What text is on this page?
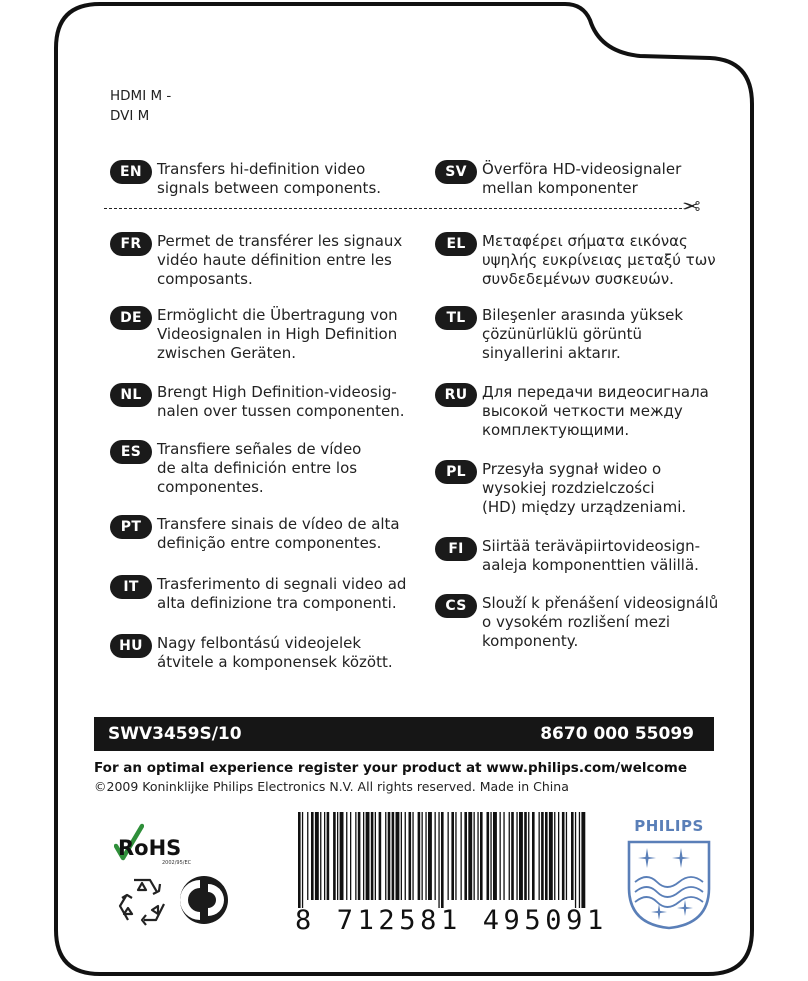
HDMI M -
DVI M
EN	Transfers hi-definition video
signals between components.
✂
FR	Permet de transférer les signaux
vidéo haute définition entre les
composants.
DE	Ermöglicht die Übertragung von
Videosignalen in High Definition
zwischen Geräten.
NL	Brengt High Definition-videosig-
nalen over tussen componenten.
ES	Transfiere señales de vídeo
de alta definición entre los
componentes.
PT	Transfere sinais de vídeo de alta
definição entre componentes.
IT	Trasferimento di segnali video ad
alta definizione tra componenti.
HU Nagy felbontású videojelek
átvitele a komponensek között.
SV	Överföra HD-videosignaler
mellan komponenter
EL	Μεταφέρει σήματα εικόνας
υψηλής ευκρίνειας μεταξύ των
συνδεδεμένων συσκευών.
TL	Bileşenler arasında yüksek
çözünürlüklü görüntü
sinyallerini aktarır.
RU Для передачи видеосигнала
высокой четкости между
комплектующими.
PL	Przesyła sygnał wideo o
wysokiej rozdzielczości
(HD) między urządzeniami.
FI	Siirtää teräväpiirtovideosign-
aaleja komponenttien välillä.
CS	Slouží k přenášení videosignálů
o vysokém rozlišení mezi
komponenty.
SWV3459S/10	8670 000 55099
For an optimal experience register your product at www.philips.com/welcome
©2009 Koninklijke Philips Electronics N.V. All rights reserved. Made in China
RoHS
2002/95/EC
8 712581 495091
PHILIPS
